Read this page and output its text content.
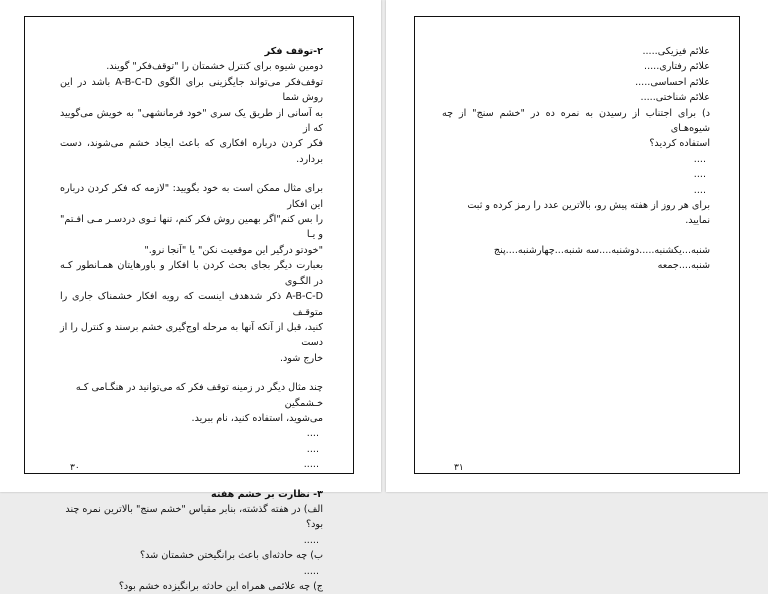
۲-توقف فکر

دومین شیوه برای کنترل خشمتان را "توقف‌فکر" گویند.

توقف‌فکر می‌تواند جایگزینی برای الگوی A-B-C-D باشد در این روش شما

به آسانی از طریق یک سری "خود فرمانشهی" به خویش می‌گویید که از

فکر کردن درباره افکاری که باعث ایجاد خشم می‌شوند، دست بردارد.

برای مثال ممکن است به خود بگویید: "لازمه که فکر کردن درباره این افکار

را بس کنم"اگر بهمین روش فکر کنم، تنها تـوی دردسـر مـی افـتم" و یـا

"خودتو درگیر این موقعیت نکن" یا "آنجا نرو."

بعبارت دیگر بجای بحث کردن با افکار و باورهایتان همـانطور کـه در الگـوی

A-B-C-D ذکر شدهدف اینست که رویه افکار خشمناک جاری را متوقـف

کنید، قبل از آنکه آنها به مرحله اوج‌گیری خشم برسند و کنترل را از دست

خارج شود.

چند مثال دیگر در زمینه توقف فکر که می‌توانید در هنگـامی کـه خـشمگین

می‌شوید، استفاده کنید، نام ببرید.

....

....

.....

۳- نظارت بر خشم هفته

الف) در هفته گذشته، بنابر مقیاس "خشم سنج" بالاترین نمره چند بود؟

.....

ب) چه حادثه‌ای باعث برانگیختن خشمتان شد؟

.....

ج) چه علائمی همراه این حادثه برانگیزده خشم بود؟

۳۰

علائم فیزیکی.....

علائم رفتاری.....

علائم احساسی.....

علائم شناختی.....

د) برای اجتناب از رسیدن به نمره ده در "خشم سنج" از چه شیوه‌هـای

استفاده کردید؟

....

....

....

برای هر روز از هفته پیش رو، بالاترین عدد را رمز کرده و ثبت نمایید.

شنبه...یکشنبه.....دوشنبه....سه شنبه...چهارشنبه....پنج شنبه....جمعه

۳۱
